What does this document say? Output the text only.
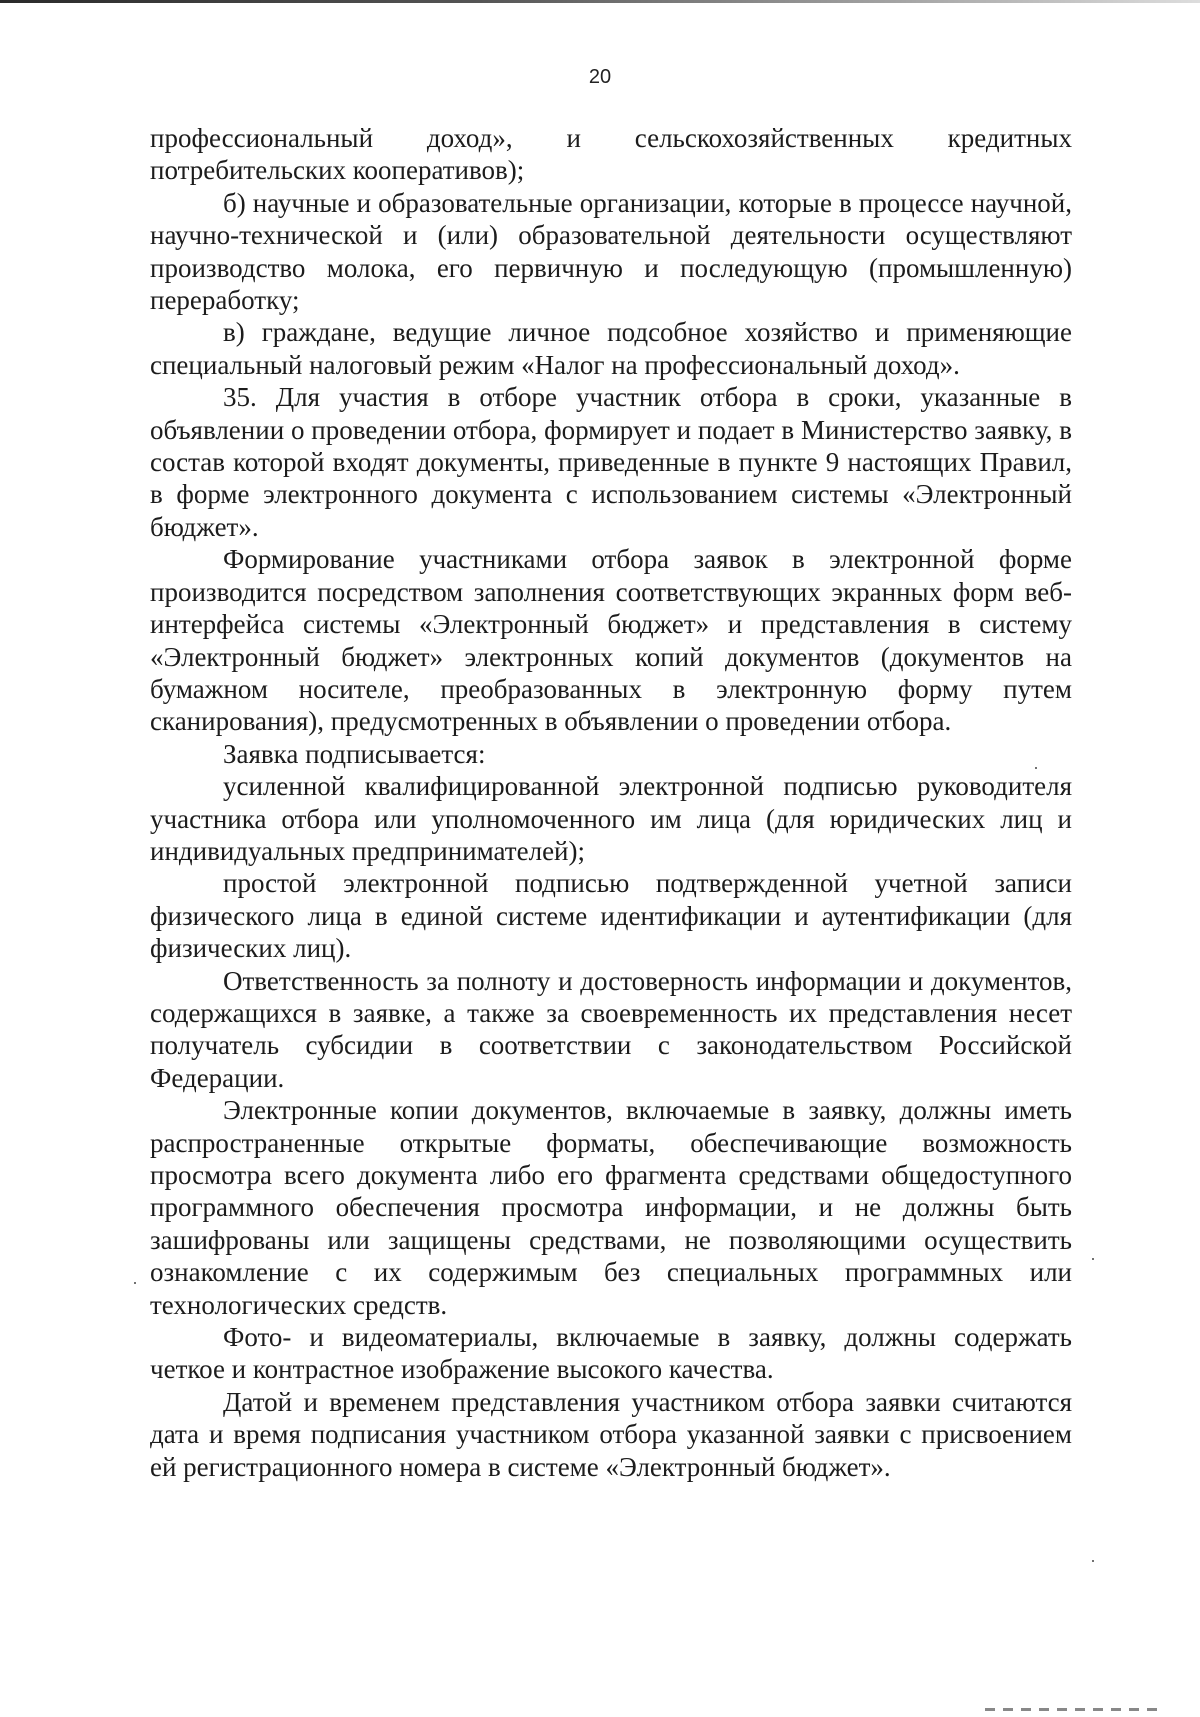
20

профессиональный доход», и сельскохозяйственных кредитных потребительских кооперативов);

б) научные и образовательные организации, которые в процессе научной, научно-технической и (или) образовательной деятельности осуществляют производство молока, его первичную и последующую (промышленную) переработку;

в) граждане, ведущие личное подсобное хозяйство и применяющие специальный налоговый режим «Налог на профессиональный доход».

35. Для участия в отборе участник отбора в сроки, указанные в объявлении о проведении отбора, формирует и подает в Министерство заявку, в состав которой входят документы, приведенные в пункте 9 настоящих Правил, в форме электронного документа с использованием системы «Электронный бюджет».

Формирование участниками отбора заявок в электронной форме производится посредством заполнения соответствующих экранных форм веб-интерфейса системы «Электронный бюджет» и представления в систему «Электронный бюджет» электронных копий документов (документов на бумажном носителе, преобразованных в электронную форму путем сканирования), предусмотренных в объявлении о проведении отбора.

Заявка подписывается:

усиленной квалифицированной электронной подписью руководителя участника отбора или уполномоченного им лица (для юридических лиц и индивидуальных предпринимателей);

простой электронной подписью подтвержденной учетной записи физического лица в единой системе идентификации и аутентификации (для физических лиц).

Ответственность за полноту и достоверность информации и документов, содержащихся в заявке, а также за своевременность их представления несет получатель субсидии в соответствии с законодательством Российской Федерации.

Электронные копии документов, включаемые в заявку, должны иметь распространенные открытые форматы, обеспечивающие возможность просмотра всего документа либо его фрагмента средствами общедоступного программного обеспечения просмотра информации, и не должны быть зашифрованы или защищены средствами, не позволяющими осуществить ознакомление с их содержимым без специальных программных или технологических средств.

Фото- и видеоматериалы, включаемые в заявку, должны содержать четкое и контрастное изображение высокого качества.

Датой и временем представления участником отбора заявки считаются дата и время подписания участником отбора указанной заявки с присвоением ей регистрационного номера в системе «Электронный бюджет».
